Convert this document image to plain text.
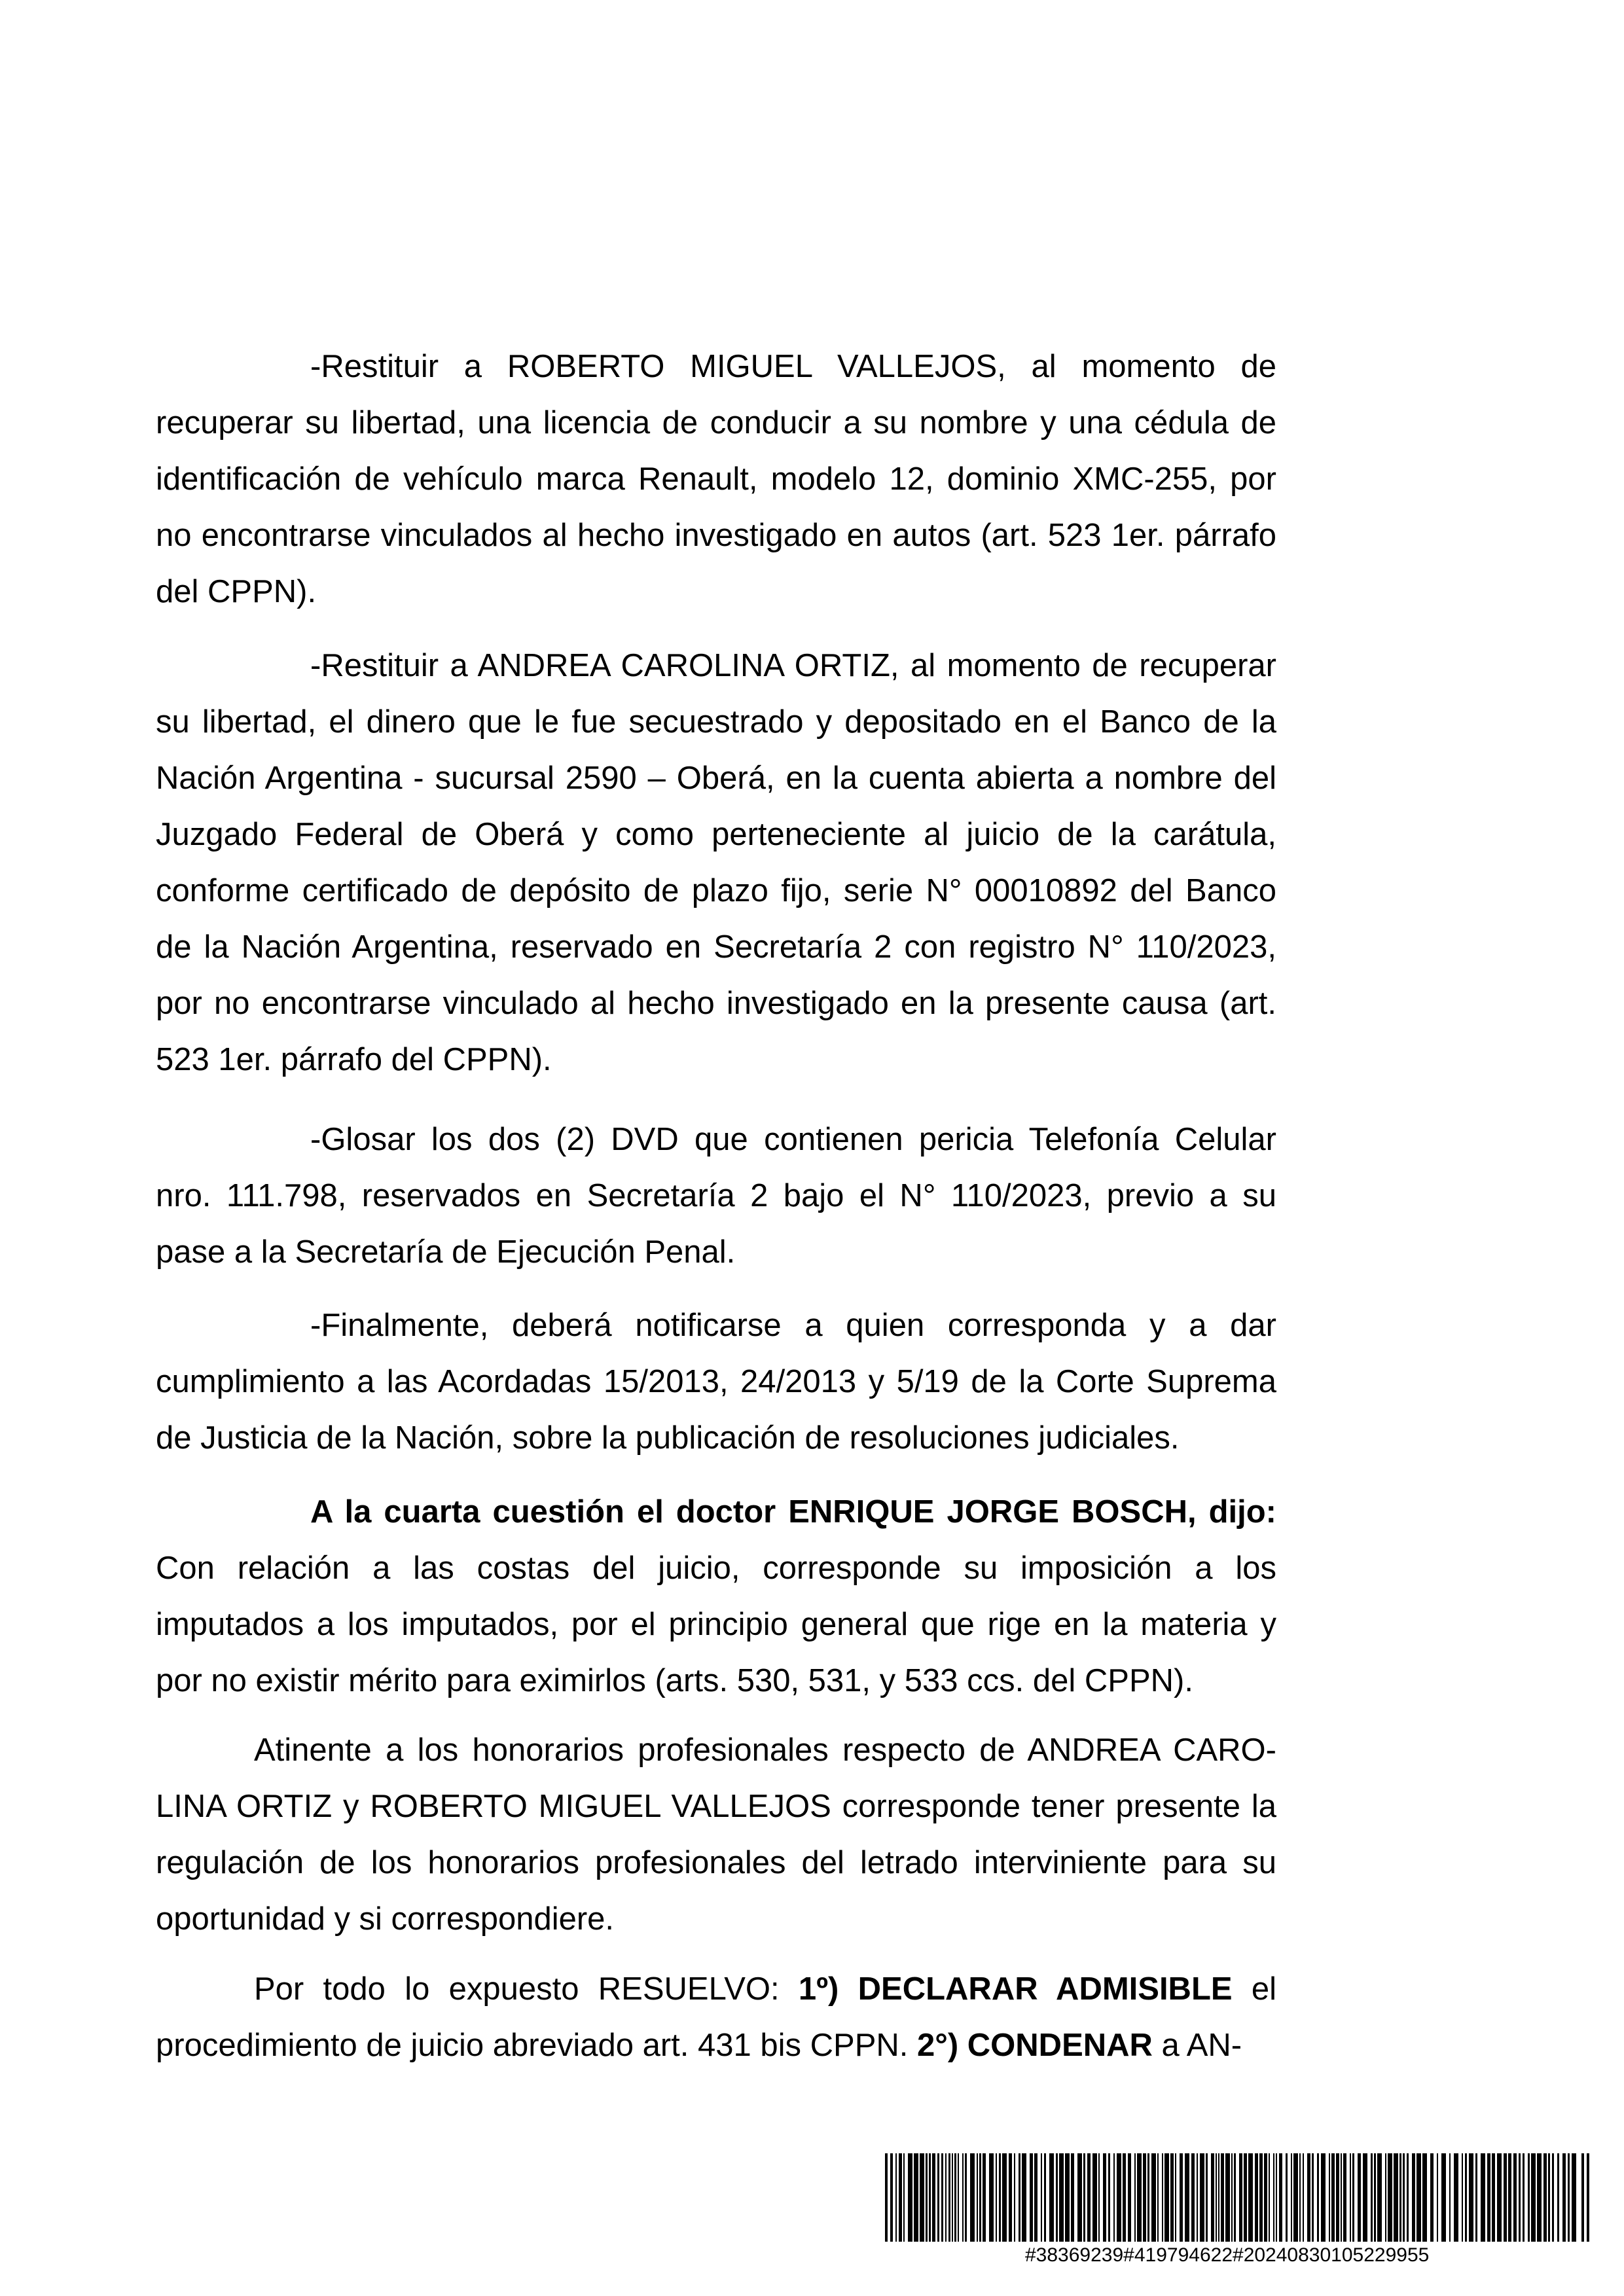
-Restituir a ROBERTO MIGUEL VALLEJOS, al momento de recuperar su libertad, una licencia de conducir a su nombre y una cédula de identificación de vehículo marca Renault, modelo 12, dominio XMC-255, por no encontrarse vinculados al hecho investigado en autos (art. 523 1er. párrafo del CPPN).

-Restituir a ANDREA CAROLINA ORTIZ, al momento de recuperar su libertad, el dinero que le fue secuestrado y depositado en el Banco de la Nación Argentina - sucursal 2590 – Oberá, en la cuenta abierta a nombre del Juzgado Federal de Oberá y como perteneciente al juicio de la carátula, conforme certificado de depósito de plazo fijo, serie N° 00010892 del Banco de la Nación Argentina, reservado en Secretaría 2 con registro N° 110/2023, por no encontrarse vinculado al hecho investigado en la presente causa (art. 523 1er. párrafo del CPPN).

-Glosar los dos (2) DVD que contienen pericia Telefonía Celular nro. 111.798, reservados en Secretaría 2 bajo el N° 110/2023, previo a su pase a la Secretaría de Ejecución Penal.

-Finalmente, deberá notificarse a quien corresponda y a dar cumplimiento a las Acordadas 15/2013, 24/2013 y 5/19 de la Corte Suprema de Justicia de la Nación, sobre la publicación de resoluciones judiciales.

A la cuarta cuestión el doctor ENRIQUE JORGE BOSCH, dijo: Con relación a las costas del juicio, corresponde su imposición a los imputados a los imputados, por el principio general que rige en la materia y por no existir mérito para eximirlos (arts. 530, 531, y 533 ccs. del CPPN).

Atinente a los honorarios profesionales respecto de ANDREA CARO-LINA ORTIZ y ROBERTO MIGUEL VALLEJOS corresponde tener presente la regulación de los honorarios profesionales del letrado interviniente para su oportunidad y si correspondiere.

Por todo lo expuesto RESUELVO: 1º) DECLARAR ADMISIBLE el procedimiento de juicio abreviado art. 431 bis CPPN. 2°) CONDENAR a AN-

#38369239#419794622#20240830105229955
